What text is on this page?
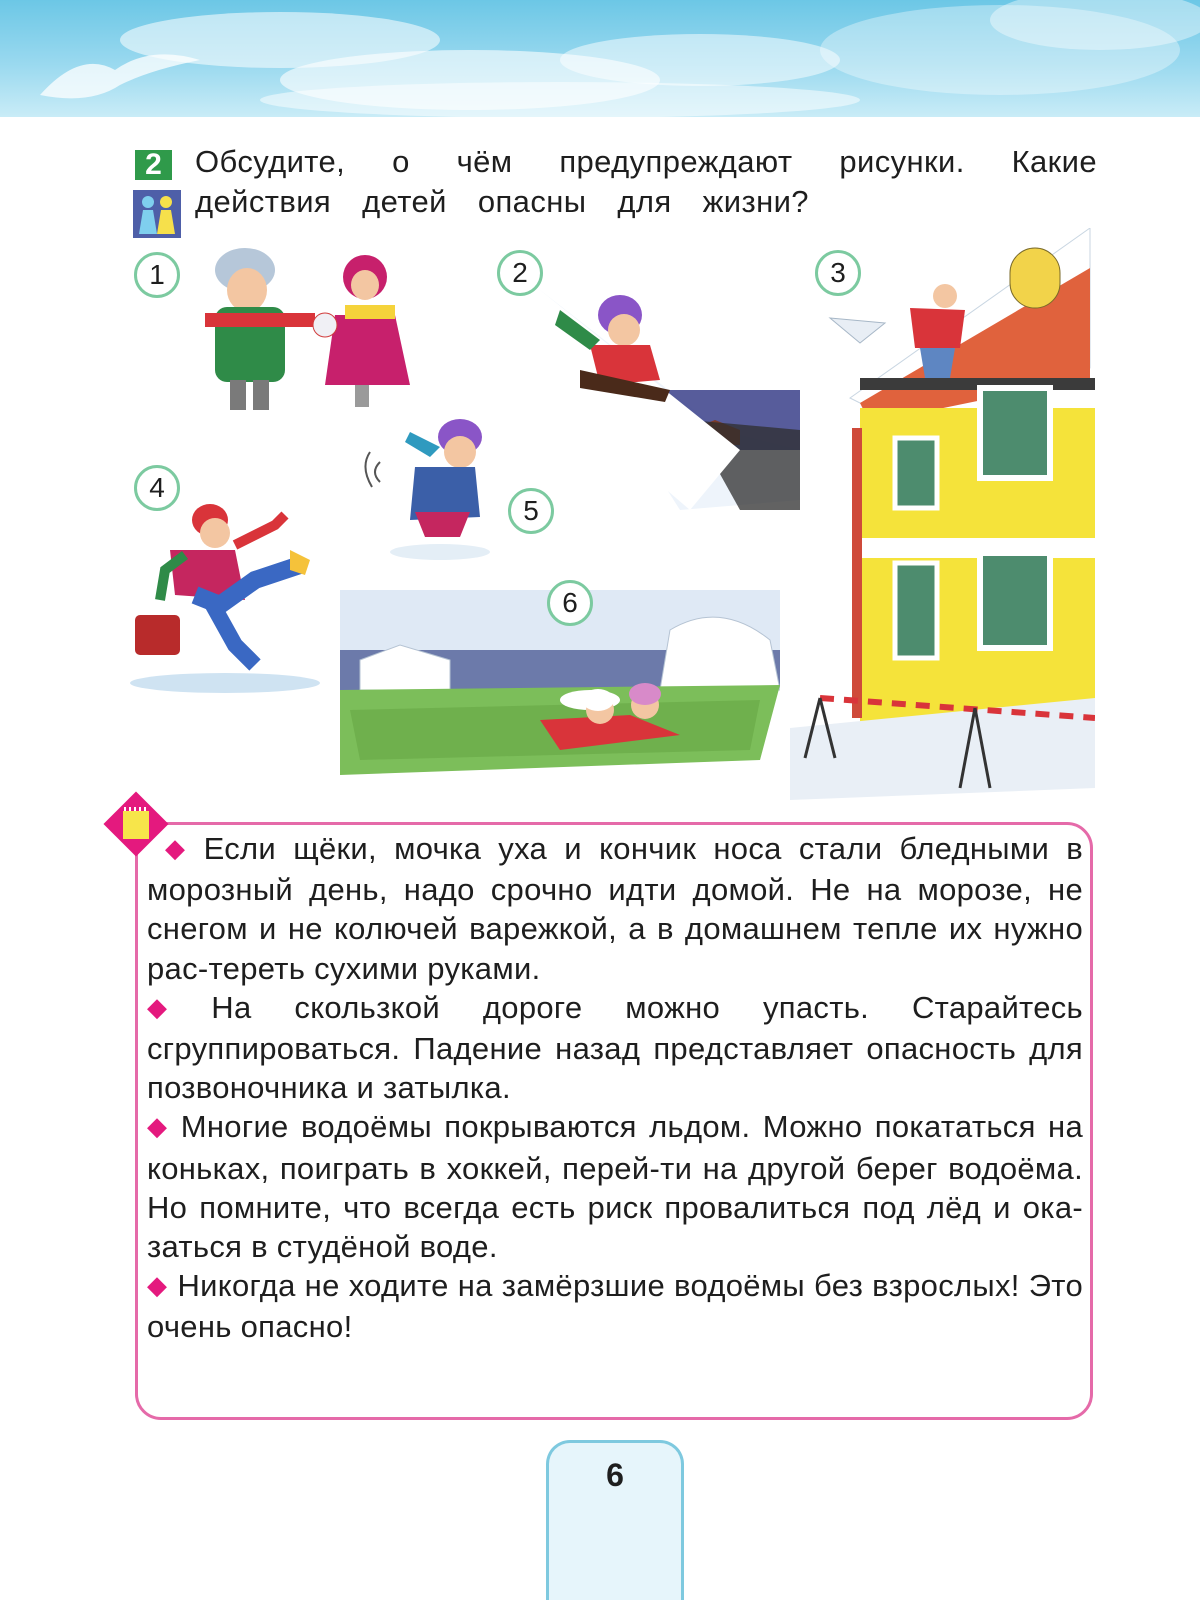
2	Обсудите, о чём предупреждают рисунки. Какие
действия детей опасны для жизни?
1	2	3
4
5
6
◆ Если щёки, мочка уха и кончик носа стали бледными в морозный день, надо срочно идти домой. Не на морозе, не снегом и не колючей варежкой, а в домашнем тепле их нужно рас-тереть сухими руками.
◆ На скользкой дороге можно упасть. Старайтесь сгруппироваться. Падение назад представляет опасность для позвоночника и затылка.
◆ Многие водоёмы покрываются льдом. Можно покататься на коньках, поиграть в хоккей, перей-ти на другой берег водоёма. Но помните, что всегда есть риск провалиться под лёд и ока-заться в студёной воде.
◆ Никогда не ходите на замёрзшие водоёмы без взрослых! Это очень опасно!
6
